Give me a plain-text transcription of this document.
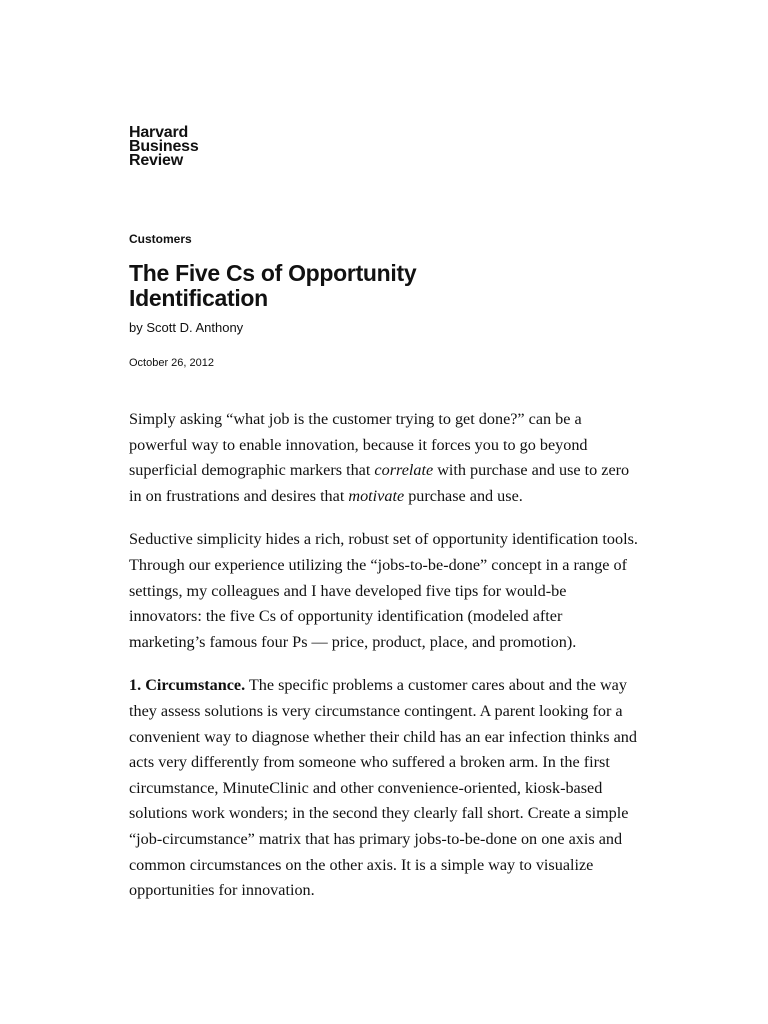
Harvard
Business
Review
Customers
The Five Cs of Opportunity Identification
by Scott D. Anthony
October 26, 2012

Simply asking “what job is the customer trying to get done?” can be a powerful way to enable innovation, because it forces you to go beyond superficial demographic markers that correlate with purchase and use to zero in on frustrations and desires that motivate purchase and use.

Seductive simplicity hides a rich, robust set of opportunity identification tools. Through our experience utilizing the “jobs-to-be-done” concept in a range of settings, my colleagues and I have developed five tips for would-be innovators: the five Cs of opportunity identification (modeled after marketing’s famous four Ps — price, product, place, and promotion).

1. Circumstance. The specific problems a customer cares about and the way they assess solutions is very circumstance contingent. A parent looking for a convenient way to diagnose whether their child has an ear infection thinks and acts very differently from someone who suffered a broken arm. In the first circumstance, MinuteClinic and other convenience-oriented, kiosk-based solutions work wonders; in the second they clearly fall short. Create a simple “job-circumstance” matrix that has primary jobs-to-be-done on one axis and common circumstances on the other axis. It is a simple way to visualize opportunities for innovation.
